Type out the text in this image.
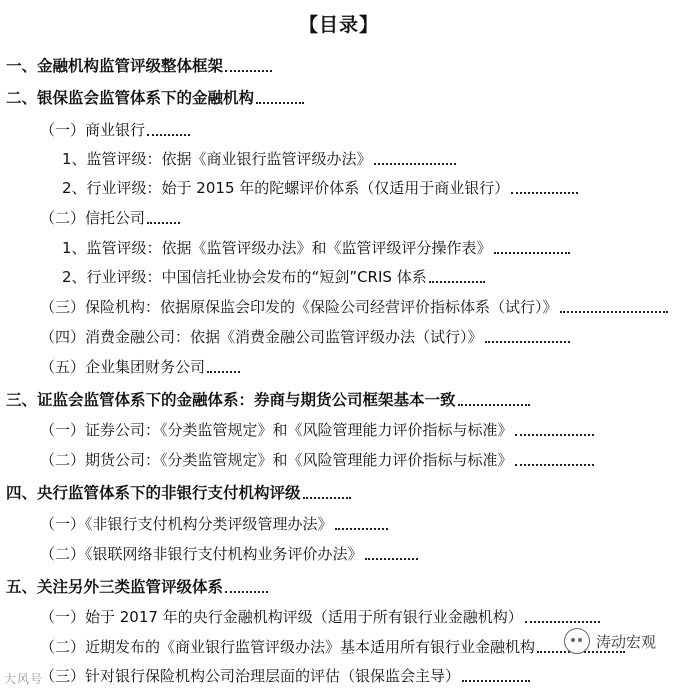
【目录】
一、金融机构监管评级整体框架
二、银保监会监管体系下的金融机构
（一）商业银行
1、监管评级：依据《商业银行监管评级办法》
2、行业评级：始于 2015 年的陀螺评价体系（仅适用于商业银行）
（二）信托公司
1、监管评级：依据《监管评级办法》和《监管评级评分操作表》
2、行业评级：中国信托业协会发布的“短剑”CRIS 体系
（三）保险机构：依据原保监会印发的《保险公司经营评价指标体系（试行）》
（四）消费金融公司：依据《消费金融公司监管评级办法（试行）》
（五）企业集团财务公司
三、证监会监管体系下的金融体系：券商与期货公司框架基本一致
（一）证券公司：《分类监管规定》和《风险管理能力评价指标与标准》
（二）期货公司：《分类监管规定》和《风险管理能力评价指标与标准》
四、央行监管体系下的非银行支付机构评级
（一）《非银行支付机构分类评级管理办法》
（二）《银联网络非银行支付机构业务评价办法》
五、关注另外三类监管评级体系
（一）始于 2017 年的央行金融机构评级（适用于所有银行业金融机构）
（二）近期发布的《商业银行监管评级办法》基本适用所有银行业金融机构
（三）针对银行保险机构公司治理层面的评估（银保监会主导）
涛动宏观
大风号
